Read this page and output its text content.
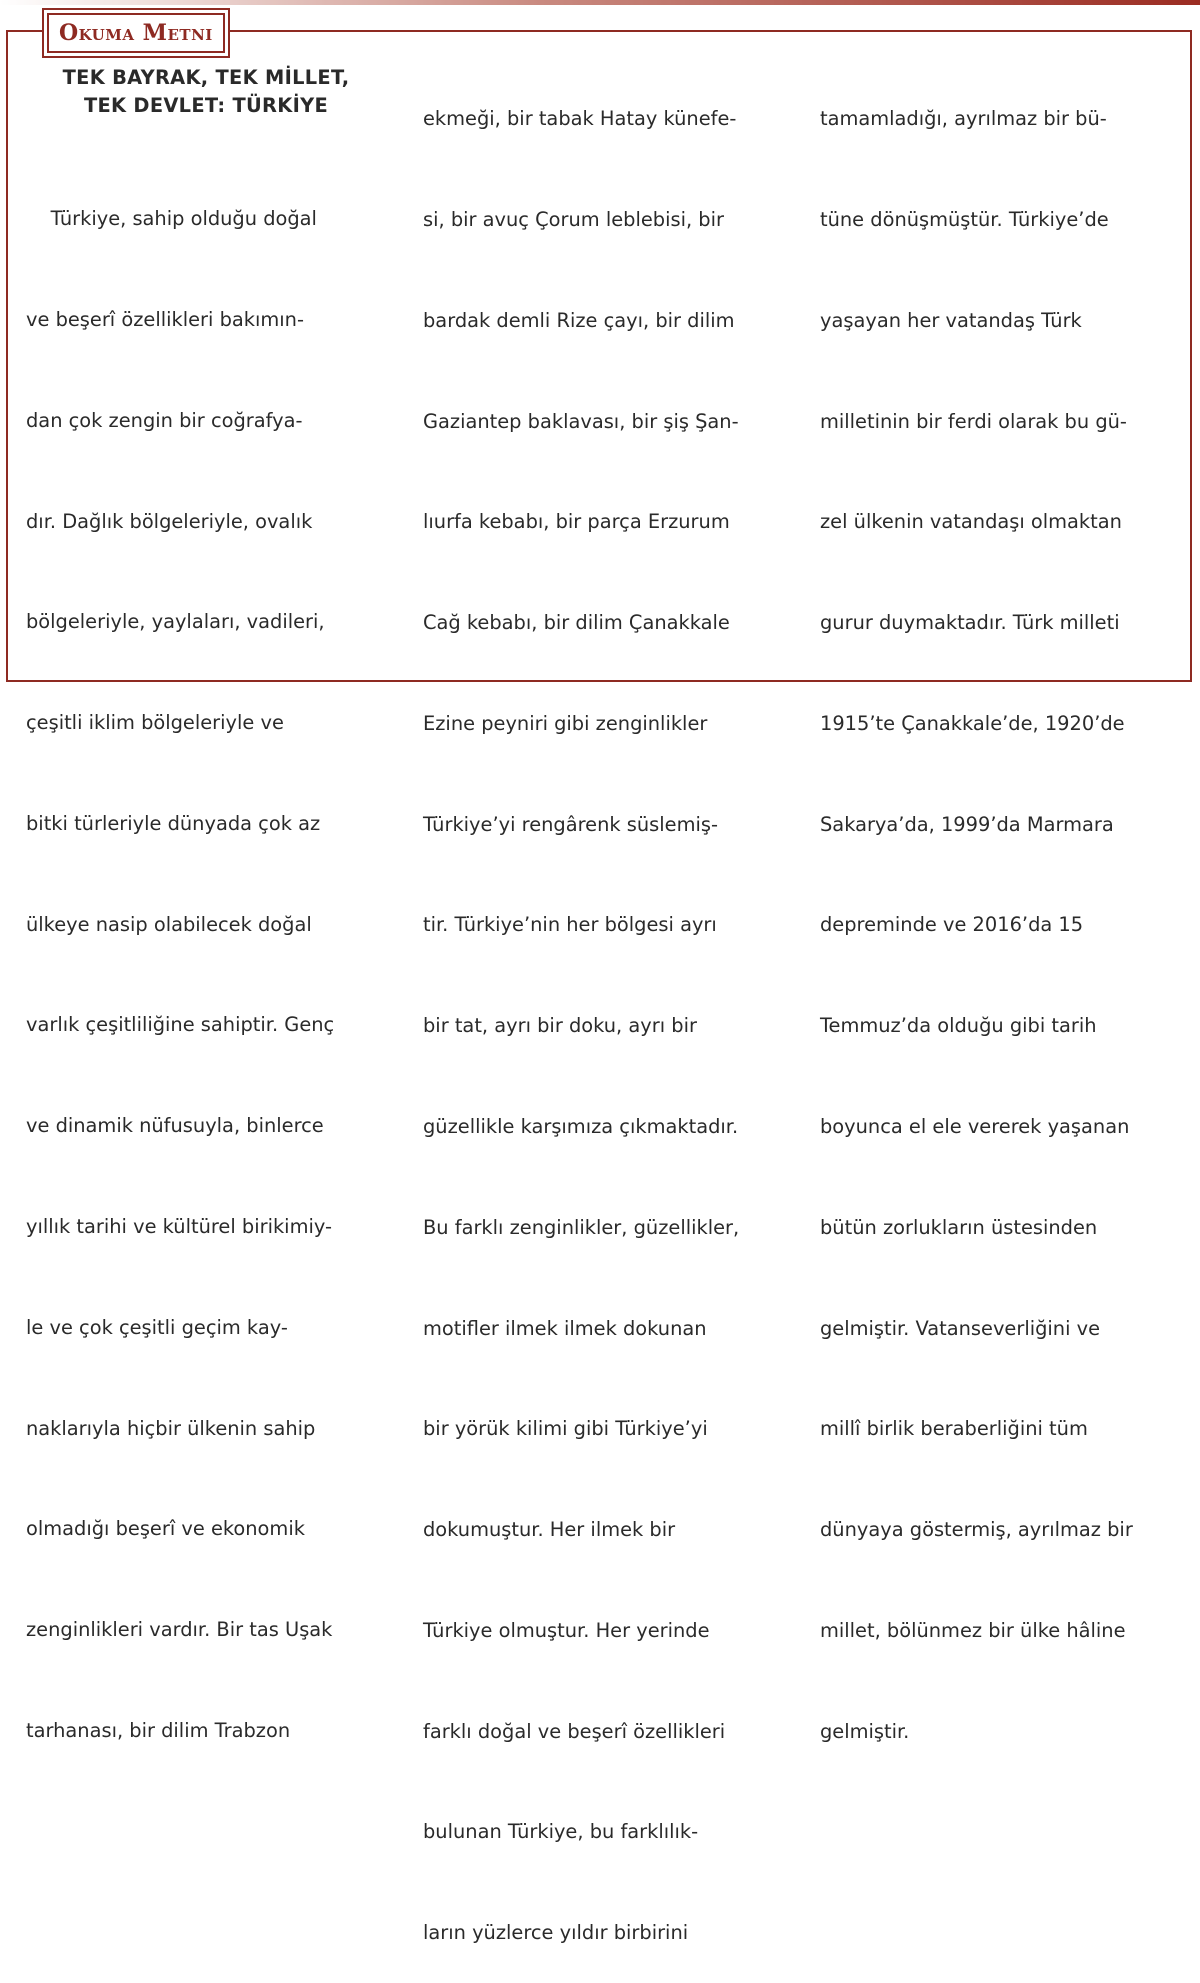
Okuma Metni
TEK BAYRAK, TEK MİLLET,
TEK DEVLET: TÜRKİYE

Türkiye, sahip olduğu doğal

ve beşerî özellikleri bakımın-

dan çok zengin bir coğrafya-

dır. Dağlık bölgeleriyle, ovalık

bölgeleriyle, yaylaları, vadileri,

çeşitli iklim bölgeleriyle ve

bitki türleriyle dünyada çok az

ülkeye nasip olabilecek doğal

varlık çeşitliliğine sahiptir. Genç

ve dinamik nüfusuyla, binlerce

yıllık tarihi ve kültürel birikimiy-

le ve çok çeşitli geçim kay-

naklarıyla hiçbir ülkenin sahip

olmadığı beşerî ve ekonomik

zenginlikleri vardır. Bir tas Uşak

tarhanası, bir dilim Trabzon

ekmeği, bir tabak Hatay künefe-

si, bir avuç Çorum leblebisi, bir

bardak demli Rize çayı, bir dilim

Gaziantep baklavası, bir şiş Şan-

lıurfa kebabı, bir parça Erzurum

Cağ kebabı, bir dilim Çanakkale

Ezine peyniri gibi zenginlikler

Türkiye’yi rengârenk süslemiş-

tir. Türkiye’nin her bölgesi ayrı

bir tat, ayrı bir doku, ayrı bir

güzellikle karşımıza çıkmaktadır.

Bu farklı zenginlikler, güzellikler,

motifler ilmek ilmek dokunan

bir yörük kilimi gibi Türkiye’yi

dokumuştur. Her ilmek bir

Türkiye olmuştur. Her yerinde

farklı doğal ve beşerî özellikleri

bulunan Türkiye, bu farklılık-

ların yüzlerce yıldır birbirini

tamamladığı, ayrılmaz bir bü-

tüne dönüşmüştür. Türkiye’de

yaşayan her vatandaş Türk

milletinin bir ferdi olarak bu gü-

zel ülkenin vatandaşı olmaktan

gurur duymaktadır. Türk milleti

1915’te Çanakkale’de, 1920’de

Sakarya’da, 1999’da Marmara

depreminde ve 2016’da 15

Temmuz’da olduğu gibi tarih

boyunca el ele vererek yaşanan

bütün zorlukların üstesinden

gelmiştir. Vatanseverliğini ve

millî birlik beraberliğini tüm

dünyaya göstermiş, ayrılmaz bir

millet, bölünmez bir ülke hâline

gelmiştir.
